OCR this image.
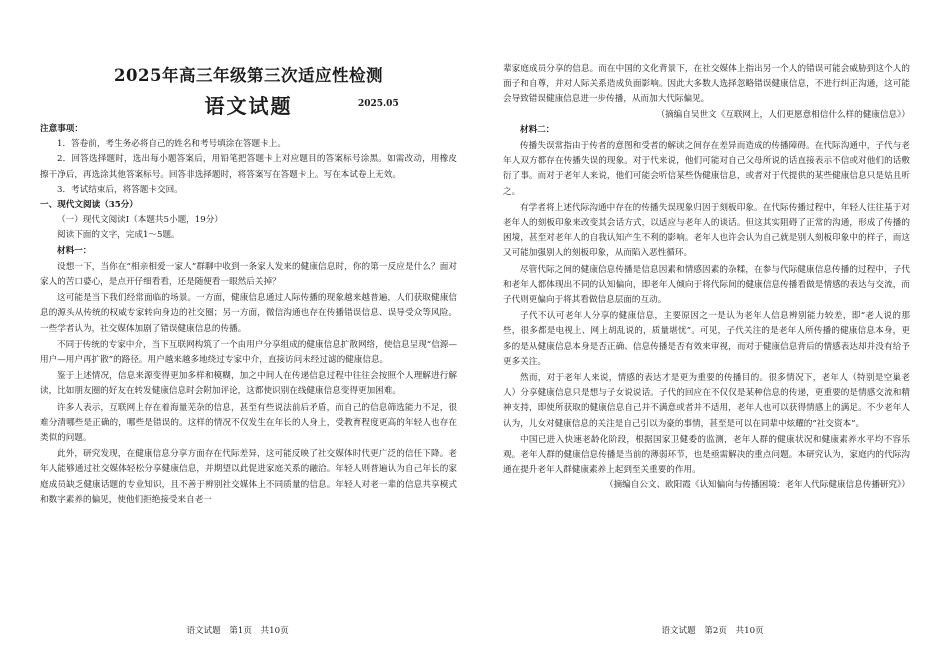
2025年高三年级第三次适应性检测
语文试题	2025.05

注意事项：

1．答卷前，考生务必将自己的姓名和考号填涂在答题卡上。

2．回答选择题时，选出每小题答案后，用铅笔把答题卡上对应题目的答案标号涂黑。如需改动，用橡皮擦干净后，再选涂其他答案标号。回答非选择题时，将答案写在答题卡上。写在本试卷上无效。

3．考试结束后，将答题卡交回。

一、现代文阅读（35分）

（一）现代文阅读Ⅰ（本题共5小题，19分）

阅读下面的文字，完成1～5题。

材料一：

设想一下，当你在“相亲相爱一家人”群聊中收到一条家人发来的健康信息时，你的第一反应是什么？面对家人的苦口婆心，是点开仔细看看，还是随便看一眼然后关掉？

这可能是当下我们经常面临的场景。一方面，健康信息通过人际传播的现象越来越普遍，人们获取健康信息的源头从传统的权威专家转向身边的社交圈；另一方面，微信沟通也存在传播错误信息、误导受众等风险。一些学者认为，社交媒体加剧了错误健康信息的传播。

不同于传统的专家中介，当下互联网构筑了一个由用户分享组成的健康信息扩散网络，使信息呈现“信源—用户—用户再扩散”的路径。用户越来越多地绕过专家中介，直接访问未经过滤的健康信息。

鉴于上述情况，信息来源变得更加多样和模糊，加之中间人在传递信息过程中往往会按照个人理解进行解读，比如朋友圈的好友在转发健康信息时会附加评论，这都使识别在线健康信息变得更加困难。

许多人表示，互联网上存在着海量芜杂的信息，甚至有些说法前后矛盾，而自己的信息筛选能力不足，很难分清哪些是正确的，哪些是错误的。这样的情况不仅发生在年长的人身上，受教育程度更高的年轻人也存在类似的问题。

此外，研究发现，在健康信息分享方面存在代际差异，这可能反映了社交媒体时代更广泛的信任下降。老年人能够通过社交媒体轻松分享健康信息，并期望以此促进家庭关系的融洽。年轻人则普遍认为自己年长的家庭成员缺乏健康话题的专业知识，且不善于辨别社交媒体上不同质量的信息。年轻人对老一辈的信息共享模式和数字素养的偏见，使他们拒绝接受来自老一

语文试题　第1页　共10页

辈家庭成员分享的信息。而在中国的文化背景下，在社交媒体上指出另一个人的错误可能会威胁到这个人的面子和自尊，并对人际关系造成负面影响。因此大多数人选择忽略错误健康信息，不进行纠正沟通，这可能会导致错误健康信息进一步传播，从而加大代际偏见。

（摘编自吴世文《互联网上，人们更愿意相信什么样的健康信息》）

材料二：

传播失误常指由于传者的意图和受者的解读之间存在差异而造成的传播障碍。在代际沟通中，子代与老年人双方都存在传播失误的现象。对于代来说，他们可能对自己父母所说的话直接表示不信或对他们的话敷衍了事。而对于老年人来说，他们可能会听信某些伪健康信息，或者对于代提供的某些健康信息只是姑且听之。

有学者将上述代际沟通中存在的传播失误现象归因于刻板印象。在代际传播过程中，年轻人往往基于对老年人的刻板印象来改变其会话方式，以适应与老年人的谈话。但这其实阻碍了正常的沟通，形成了传播的困境，甚至对老年人的自我认知产生不利的影响。老年人也许会认为自己就是别人刻板印象中的样子，而这又可能加强别人的刻板印象，从而陷入恶性循环。

尽管代际之间的健康信息传播是信息因素和情感因素的杂糅，在参与代际健康信息传播的过程中，子代和老年人都体现出不同的认知偏向，即老年人倾向于将代际间的健康信息传播看做是情感的表达与交流，而子代则更偏向于将其看做信息层面的互动。

子代不认可老年人分享的健康信息，主要原因之一是认为老年人信息辨别能力较差，即“老人说的那些，很多都是电视上、网上胡乱说的，质量堪忧”。可见，子代关注的是老年人所传播的健康信息本身，更多的是从健康信息本身是否正确、信息传播是否有效来审视，而对于健康信息背后的情感表达却并没有给予更多关注。

然而，对于老年人来说，情感的表达才是更为重要的传播目的。很多情况下，老年人（特别是空巢老人）分享健康信息只是想与子女说说话。子代的回应在不仅仅是某种信息的传递，更重要的是情感交流和精神支持，即使所获取的健康信息自己并不满意或者并不适用，老年人也可以获得情感上的满足。不少老年人认为，儿女对健康信息的关注是自己引以为豪的事情，甚至是可以在同辈中炫耀的“社交资本”。

中国已进入快速老龄化阶段，根据国家卫健委的监测，老年人群的健康状况和健康素养水平均不容乐观。老年人群的健康信息传播是当前的薄弱环节，也是亟需解决的重点问题。本研究认为，家庭内的代际沟通在提升老年人群健康素养上起到至关重要的作用。

（摘编自公文、欧阳霞《认知偏向与传播困境：老年人代际健康信息传播研究》）

语文试题　第2页　共10页
